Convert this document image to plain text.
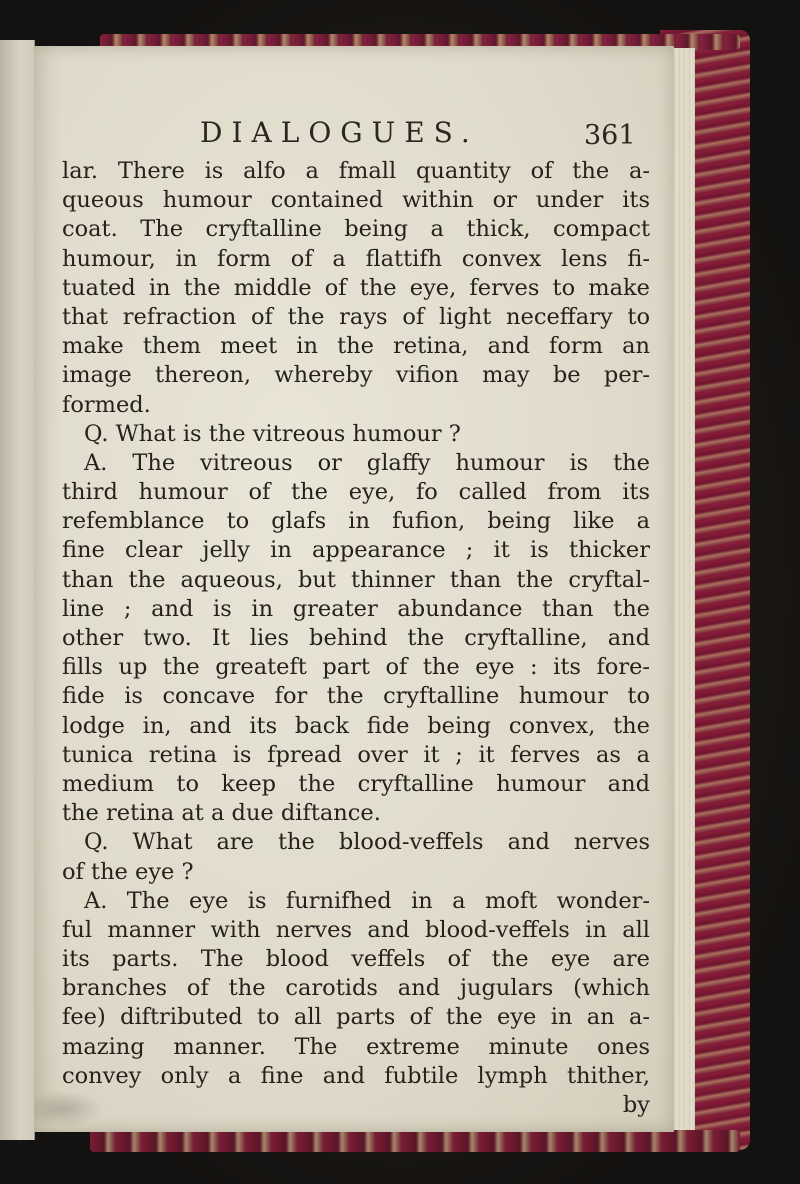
DIALOGUES.	361
lar. There is alfo a fmall quantity of the a-
queous humour contained within or under its
coat. The cryftalline being a thick, compact
humour, in form of a flattifh convex lens fi-
tuated in the middle of the eye, ferves to make
that refraction of the rays of light neceffary to
make them meet in the retina, and form an
image thereon, whereby vifion may be per-
formed.
Q. What is the vitreous humour ?
A. The vitreous or glaffy humour is the
third humour of the eye, fo called from its
refemblance to glafs in fufion, being like a
fine clear jelly in appearance ; it is thicker
than the aqueous, but thinner than the cryftal-
line ; and is in greater abundance than the
other two. It lies behind the cryftalline, and
fills up the greateft part of the eye : its fore-
fide is concave for the cryftalline humour to
lodge in, and its back fide being convex, the
tunica retina is fpread over it ; it ferves as a
medium to keep the cryftalline humour and
the retina at a due diftance.
Q. What are the blood-veffels and nerves
of the eye ?
A. The eye is furnifhed in a moft wonder-
ful manner with nerves and blood-veffels in all
its parts. The blood veffels of the eye are
branches of the carotids and jugulars (which
fee) diftributed to all parts of the eye in an a-
mazing manner. The extreme minute ones
convey only a fine and fubtile lymph thither,
by
